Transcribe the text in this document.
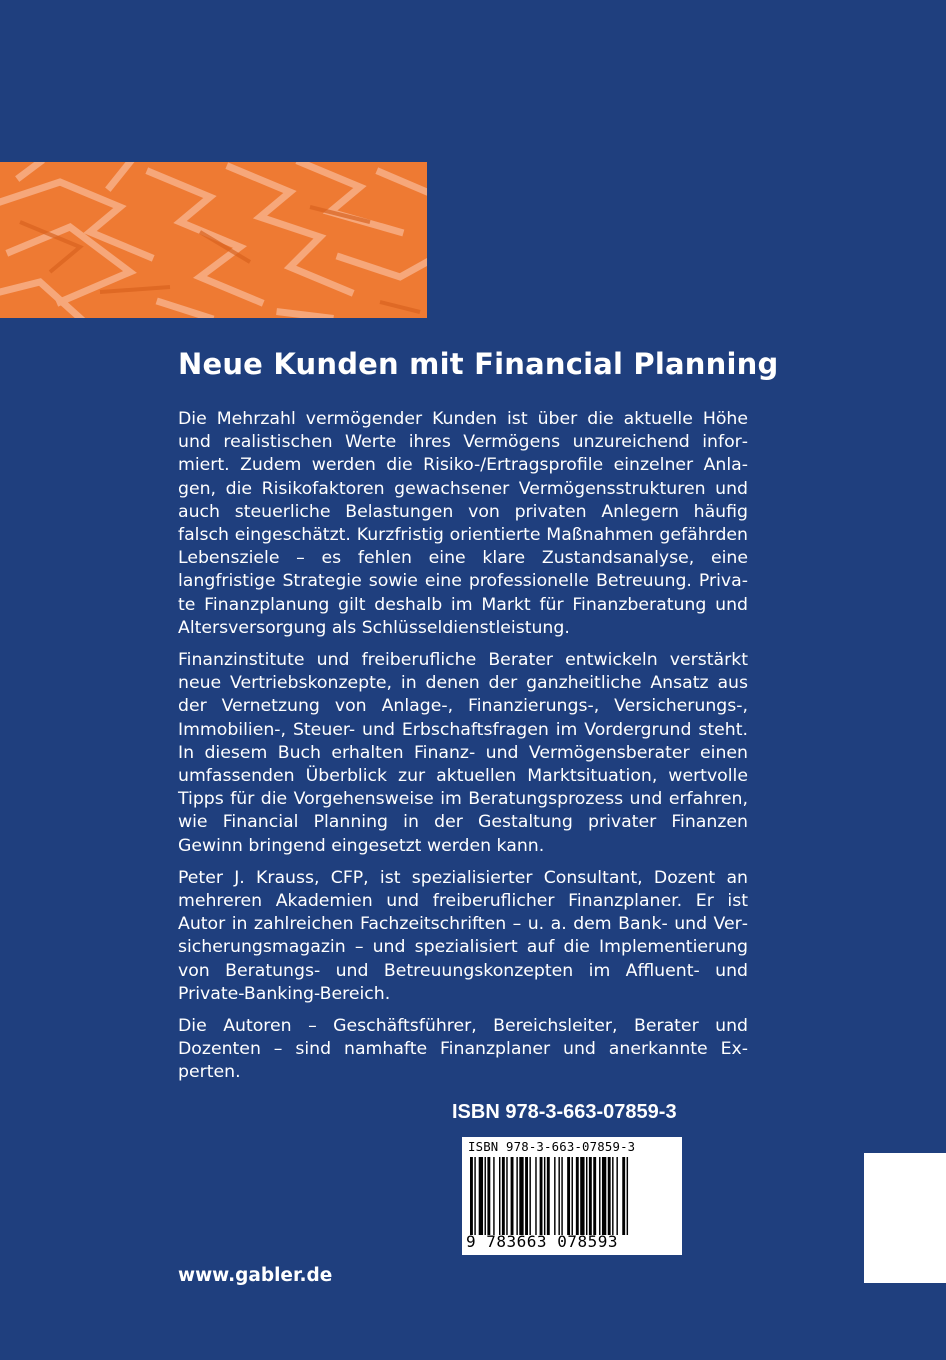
Neue Kunden mit Financial Planning

Die Mehrzahl vermögender Kunden ist über die aktuelle Höhe und realistischen Werte ihres Vermögens unzureichend informiert. Zudem werden die Risiko-/Ertragsprofile einzelner Anlagen, die Risikofaktoren gewachsener Vermögensstrukturen und auch steuerliche Belastungen von privaten Anlegern häufig falsch eingeschätzt. Kurzfristig orientierte Maßnahmen gefährden Lebensziele – es fehlen eine klare Zustandsanalyse, eine langfristige Strategie sowie eine professionelle Betreuung. Private Finanzplanung gilt deshalb im Markt für Finanzberatung und Altersversorgung als Schlüsseldienstleistung.

Finanzinstitute und freiberufliche Berater entwickeln verstärkt neue Vertriebskonzepte, in denen der ganzheitliche Ansatz aus der Vernetzung von Anlage-, Finanzierungs-, Versicherungs-, Immobilien-, Steuer- und Erbschaftsfragen im Vordergrund steht. In diesem Buch erhalten Finanz- und Vermögensberater einen umfassenden Überblick zur aktuellen Marktsituation, wertvolle Tipps für die Vorgehensweise im Beratungsprozess und erfahren, wie Financial Planning in der Gestaltung privater Finanzen Gewinn bringend eingesetzt werden kann.

Peter J. Krauss, CFP, ist spezialisierter Consultant, Dozent an mehreren Akademien und freiberuflicher Finanzplaner. Er ist Autor in zahlreichen Fachzeitschriften – u. a. dem Bank- und Versicherungsmagazin – und spezialisiert auf die Implementierung von Beratungs- und Betreuungskonzepten im Affluent- und Private-Banking-Bereich.

Die Autoren – Geschäftsführer, Bereichsleiter, Berater und Dozenten – sind namhafte Finanzplaner und anerkannte Experten.

ISBN 978-3-663-07859-3
ISBN 978-3-663-07859-3
9 783663 078593
www.gabler.de
